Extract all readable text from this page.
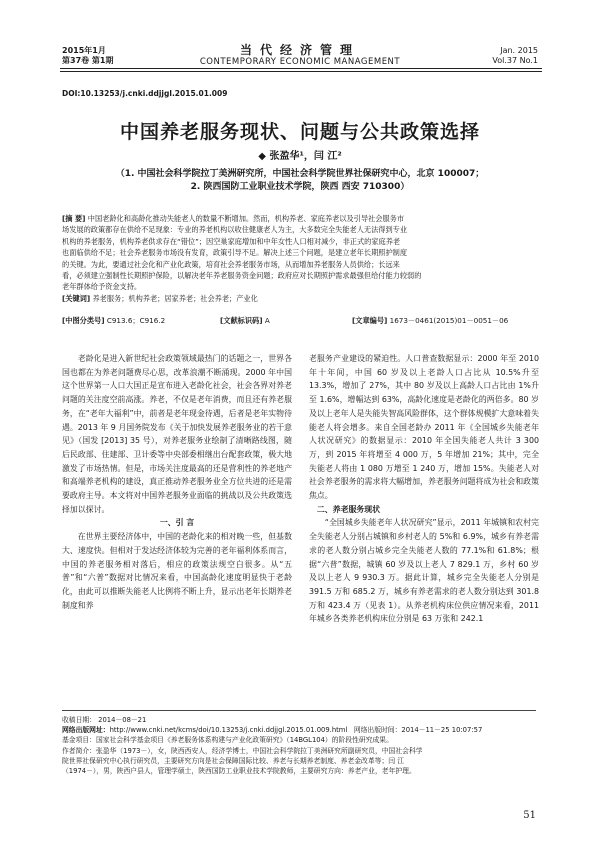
2015年1月
第37卷 第1期
当代经济管理
CONTEMPORARY ECONOMIC MANAGEMENT
Jan. 2015
Vol.37 No.1
DOI:10.13253/j.cnki.ddjjgl.2015.01.009
中国养老服务现状、问题与公共政策选择
◆ 张盈华¹，闫 江²
（1. 中国社会科学院拉丁美洲研究所，中国社会科学院世界社保研究中心，北京 100007；
2. 陕西国防工业职业技术学院，陕西 西安 710300）
[摘 要] 中国老龄化和高龄化推动失能老人的数量不断增加。然而，机构养老、家庭养老以及引导社会服务市
场发展的政策都存在供给不足现象：专业的养老机构以收住健康老人为主，大多数完全失能老人无法得到专业
机构的养老服务，机构养老供求存在“错位”；因空巢家庭增加和中年女性人口相对减少，非正式的家庭养老
也面临供给不足；社会养老服务市场没有发育，政策引导不足。解决上述三个问题，是建立老年长期照护制度
的关键。为此，要通过社会化和产业化政策，培育社会养老服务市场，从而增加养老服务人员供给；长远来
看，必须建立强制性长期照护保险，以解决老年养老服务资金问题；政府应对长期照护需求最强但给付能力较弱的
老年群体给予资金支持。
[关键词] 养老服务；机构养老；居家养老；社会养老；产业化
[中图分类号] C913.6；C916.2	[文献标识码] A	[文章编号] 1673－0461(2015)01－0051－06

老龄化是进入新世纪社会政策领域最热门的话题之一，世界各国也都在为养老问题费尽心思，改革浪潮不断涌现。2000 年中国这个世界第一人口大国正是宣布进入老龄化社会，社会各界对养老问题的关注度空前高涨。养老，不仅是老年消费，而且还有养老服务，在“老年大福利”中，前者是老年现金待遇，后者是老年实物待遇。2013 年 9 月国务院发布《关于加快发展养老服务业的若干意见》（国发 [2013] 35 号），对养老服务业绘制了清晰路线图，随后民政部、住建部、卫计委等中央部委相继出台配套政策，极大地激发了市场热情。但是，市场关注度最高的还是营利性的养老地产和高端养老机构的建设，真正推动养老服务业全方位共进的还是需要政府主导。本文将对中国养老服务业面临的挑战以及公共政策选择加以探讨。

一、引 言

在世界主要经济体中，中国的老龄化来的相对晚一些，但基数大、速度快。但相对于发达经济体较为完善的老年福利体系而言，中国的养老服务相对落后，相应的政策法规空白很多。从“五普”和“六普”数据对比情况来看，中国高龄化速度明显快于老龄化，由此可以推断失能老人比例将不断上升，显示出老年长期养老制度和养

老服务产业建设的紧迫性。人口普查数据显示：2000 年至 2010 年十年间，中国 60 岁及以上老龄人口占比从 10.5%升至 13.3%，增加了 27%，其中 80 岁及以上高龄人口占比由 1%升至 1.6%，增幅达到 63%，高龄化速度是老龄化的两倍多。80 岁及以上老年人是失能失智高风险群体，这个群体规模扩大意味着失能老人将会增多。来自全国老龄办 2011 年《全国城乡失能老年人状况研究》的数据显示：2010 年全国失能老人共计 3 300 万，到 2015 年将增至 4 000 万，5 年增加 21%；其中，完全失能老人将由 1 080 万增至 1 240 万，增加 15%。失能老人对社会养老服务的需求将大幅增加，养老服务问题将成为社会和政策焦点。

二、养老服务现状

“全国城乡失能老年人状况研究”显示，2011 年城镇和农村完全失能老人分别占城镇和乡村老人的 5%和 6.9%，城乡有养老需求的老人数分别占城乡完全失能老人数的 77.1%和 61.8%；根据“六普”数据，城镇 60 岁及以上老人 7 829.1 万，乡村 60 岁及以上老人 9 930.3 万。据此计算，城乡完全失能老人分别是 391.5 万和 685.2 万，城乡有养老需求的老人数分别达到 301.8 万和 423.4 万（见表 1）。从养老机构床位供应情况来看，2011 年城乡各类养老机构床位分别是 63 万张和 242.1

收稿日期： 2014－08－21
网络出版网址：http://www.cnki.net/kcms/doi/10.13253/j.cnki.ddjjgl.2015.01.009.html 网络出版时间：2014－11－25 10:07:57
基金项目：国家社会科学基金项目《养老服务体系构建与产业化政策研究》（14BGL104）的阶段性研究成果。
作者简介：张盈华（1973－），女，陕西西安人，经济学博士，中国社会科学院拉丁美洲研究所副研究员，中国社会科学
院世界社保研究中心执行研究员，主要研究方向是社会保障国际比较、养老与长期养老制度、养老金改革等；闫 江
（1974－），男，陕西户县人，管理学硕士，陕西国防工业职业技术学院教师，主要研究方向：养老产业，老年护理。
51
